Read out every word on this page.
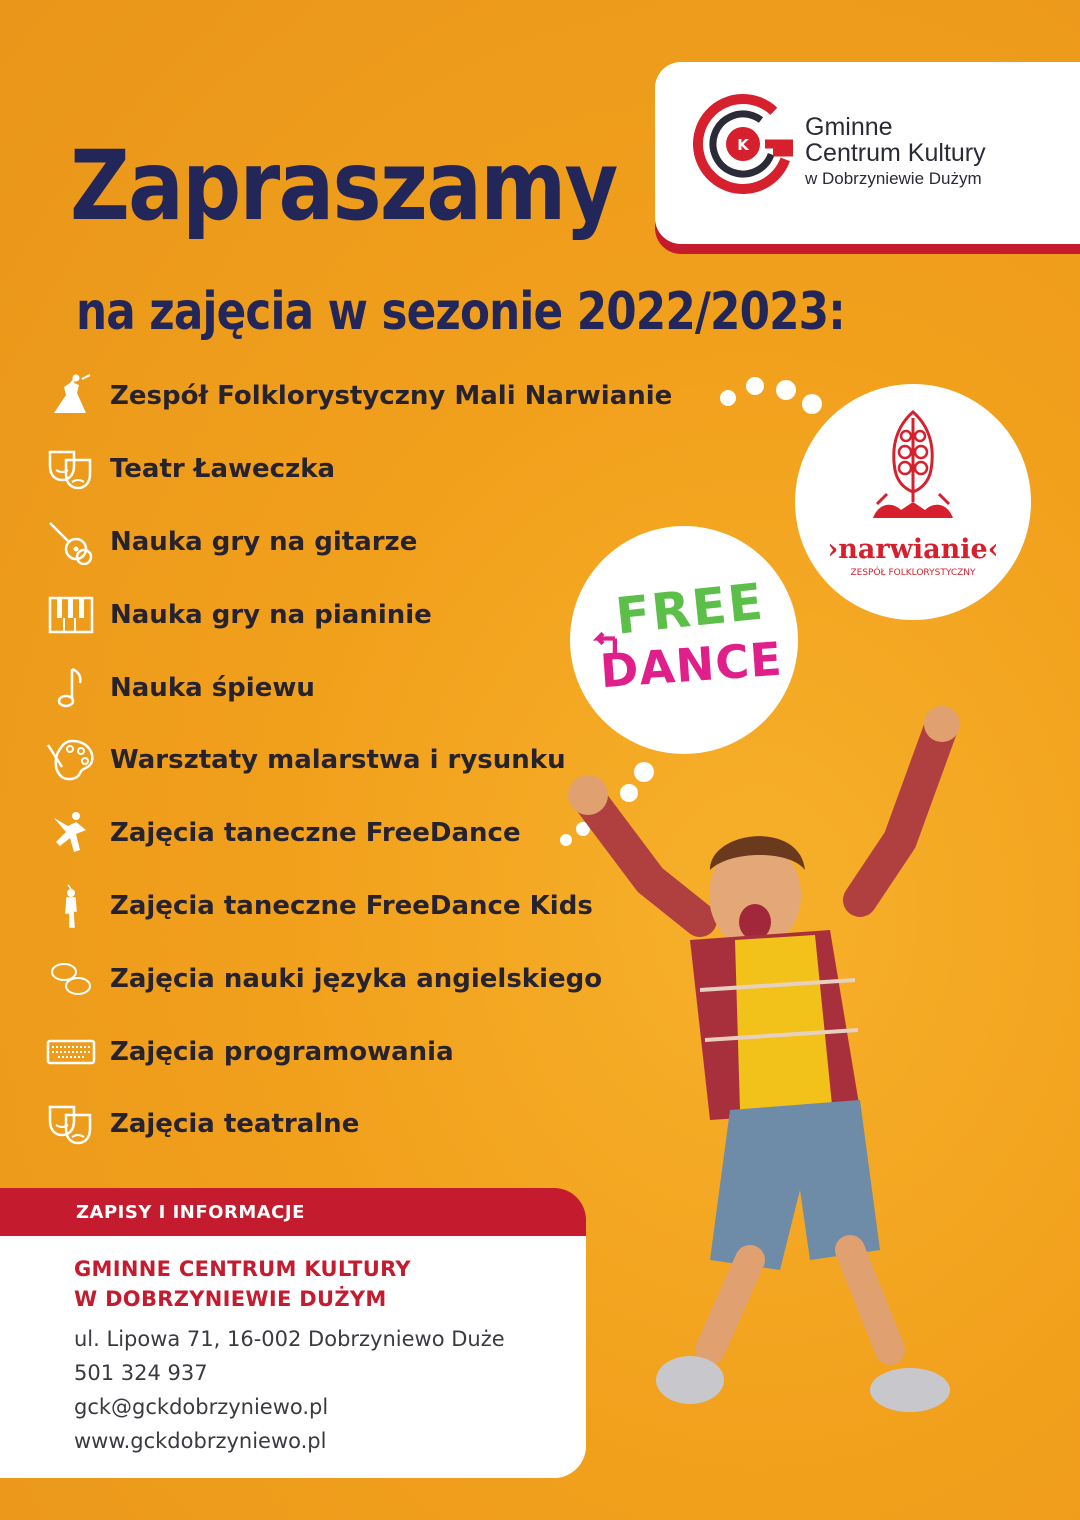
K
Gminne
Centrum Kultury
w Dobrzyniewie Dużym
Zapraszamy
na zajęcia w sezonie 2022/2023:
Zespół Folklorystyczny Mali Narwianie
Teatr Ławeczka
Nauka gry na gitarze
Nauka gry na pianinie
Nauka śpiewu
Warsztaty malarstwa i rysunku
Zajęcia taneczne FreeDance
Zajęcia taneczne FreeDance Kids
Zajęcia nauki języka angielskiego
Zajęcia programowania
Zajęcia teatralne
›narwianie‹
ZESPÓŁ FOLKLORYSTYCZNY
FREE
DANCE
ZAPISY I INFORMACJE
GMINNE CENTRUM KULTURY
W DOBRZYNIEWIE DUŻYM
ul. Lipowa 71, 16-002 Dobrzyniewo Duże
501 324 937
gck@gckdobrzyniewo.pl
www.gckdobrzyniewo.pl
